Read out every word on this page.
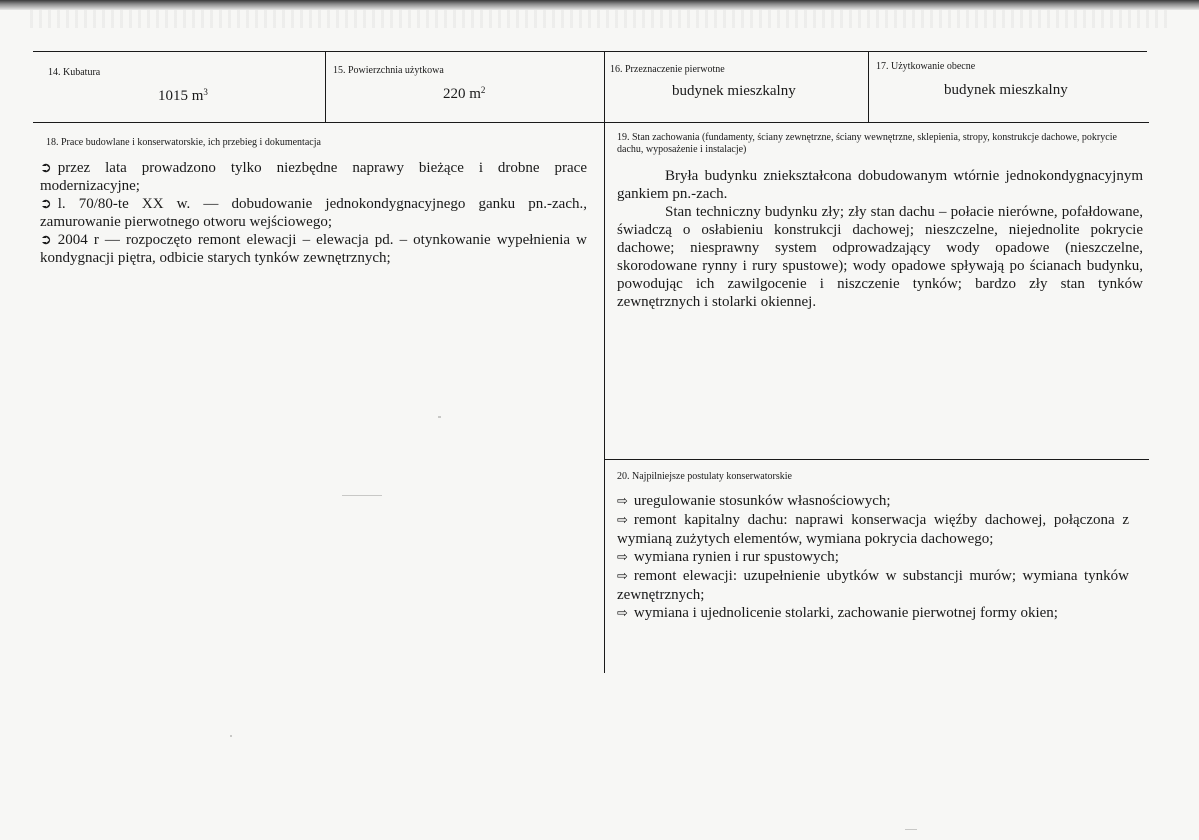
14. Kubatura
1015 $m^3$
15. Powierzchnia użytkowa
220 $m^2$
16. Przeznaczenie pierwotne
budynek mieszkalny
17. Użytkowanie obecne
budynek mieszkalny
18. Prace budowlane i konserwatorskie, ich przebieg i dokumentacja
➲ przez lata prowadzono tylko niezbędne naprawy bieżące i drobne prace modernizacyjne;
➲ l. 70/80-te XX w. — dobudowanie jednokondygnacyjnego ganku pn.-zach., zamurowanie pierwotnego otworu wejściowego;
➲ 2004 r — rozpoczęto remont elewacji – elewacja pd. – otynkowanie wypełnienia w kondygnacji piętra, odbicie starych tynków zewnętrznych;
19. Stan zachowania (fundamenty, ściany zewnętrzne, ściany wewnętrzne, sklepienia, stropy, konstrukcje dachowe, pokrycie dachu, wyposażenie i instalacje)

Bryła budynku zniekształcona dobudowanym wtórnie jednokondygnacyjnym gankiem pn.-zach.

Stan techniczny budynku zły; zły stan dachu – połacie nierówne, pofałdowane, świadczą o osłabieniu konstrukcji dachowej; nieszczelne, niejednolite pokrycie dachowe; niesprawny system odprowadzający wody opadowe (nieszczelne, skorodowane rynny i rury spustowe); wody opadowe spływają po ścianach budynku, powodując ich zawilgocenie i niszczenie tynków; bardzo zły stan tynków zewnętrznych i stolarki okiennej.

20. Najpilniejsze postulaty konserwatorskie
⇨ uregulowanie stosunków własnościowych;
⇨ remont kapitalny dachu: naprawi konserwacja więźby dachowej, połączona z wymianą zużytych elementów, wymiana pokrycia dachowego;
⇨ wymiana rynien i rur spustowych;
⇨ remont elewacji: uzupełnienie ubytków w substancji murów; wymiana tynków zewnętrznych;
⇨ wymiana i ujednolicenie stolarki, zachowanie pierwotnej formy okien;
